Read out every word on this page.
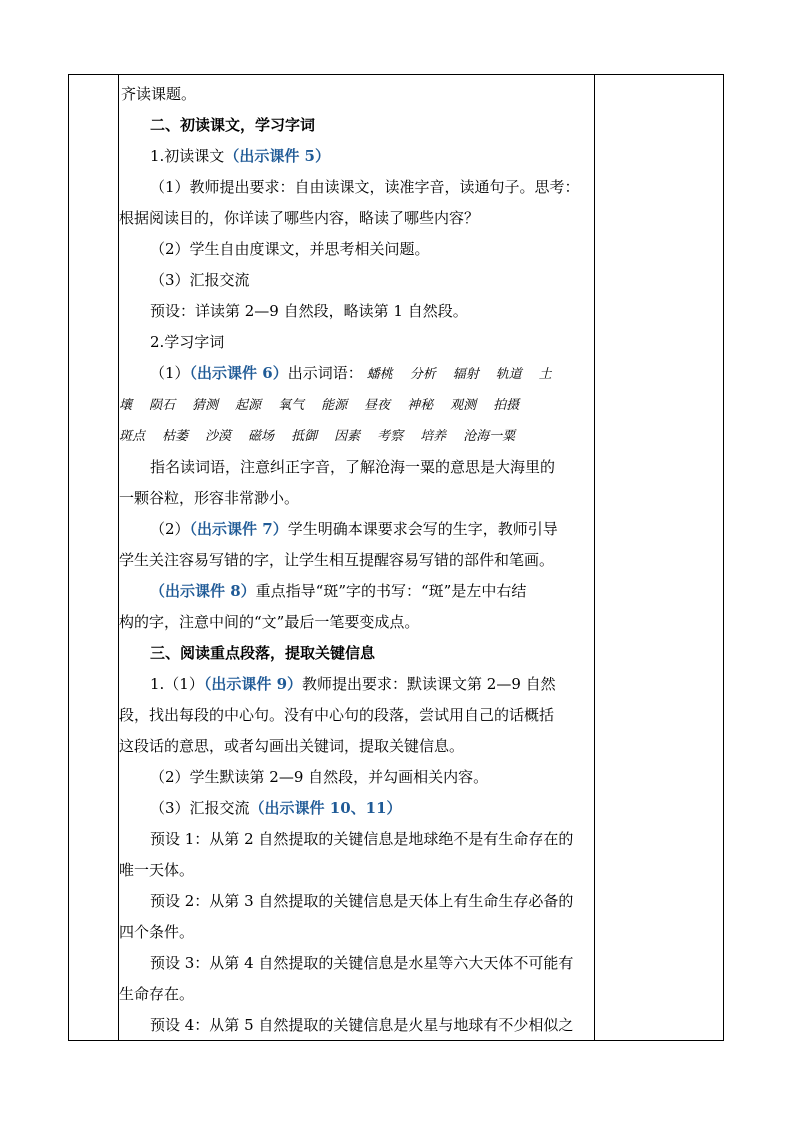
齐读课题。

二、初读课文，学习字词

1.初读课文（出示课件 5）

（1）教师提出要求：自由读课文，读准字音，读通句子。思考：

根据阅读目的，你详读了哪些内容，略读了哪些内容？

（2）学生自由度课文，并思考相关问题。

（3）汇报交流

预设：详读第 2—9 自然段，略读第 1 自然段。

2.学习字词

（1）（出示课件 6）出示词语： 蟠桃 分析 辐射 轨道 土

壤 陨石 猜测 起源 氧气 能源 昼夜 神秘 观测 拍摄

斑点 枯萎 沙漠 磁场 抵御 因素 考察 培养 沧海一粟

指名读词语，注意纠正字音，了解沧海一粟的意思是大海里的

一颗谷粒，形容非常渺小。

（2）（出示课件 7）学生明确本课要求会写的生字，教师引导

学生关注容易写错的字，让学生相互提醒容易写错的部件和笔画。

（出示课件 8）重点指导“斑”字的书写：“斑”是左中右结

构的字，注意中间的“文”最后一笔要变成点。

三、阅读重点段落，提取关键信息

1.（1）（出示课件 9）教师提出要求：默读课文第 2—9 自然

段，找出每段的中心句。没有中心句的段落，尝试用自己的话概括

这段话的意思，或者勾画出关键词，提取关键信息。

（2）学生默读第 2—9 自然段，并勾画相关内容。

（3）汇报交流（出示课件 10、11）

预设 1：从第 2 自然提取的关键信息是地球绝不是有生命存在的

唯一天体。

预设 2：从第 3 自然提取的关键信息是天体上有生命生存必备的

四个条件。

预设 3：从第 4 自然提取的关键信息是水星等六大天体不可能有

生命存在。

预设 4：从第 5 自然提取的关键信息是火星与地球有不少相似之
